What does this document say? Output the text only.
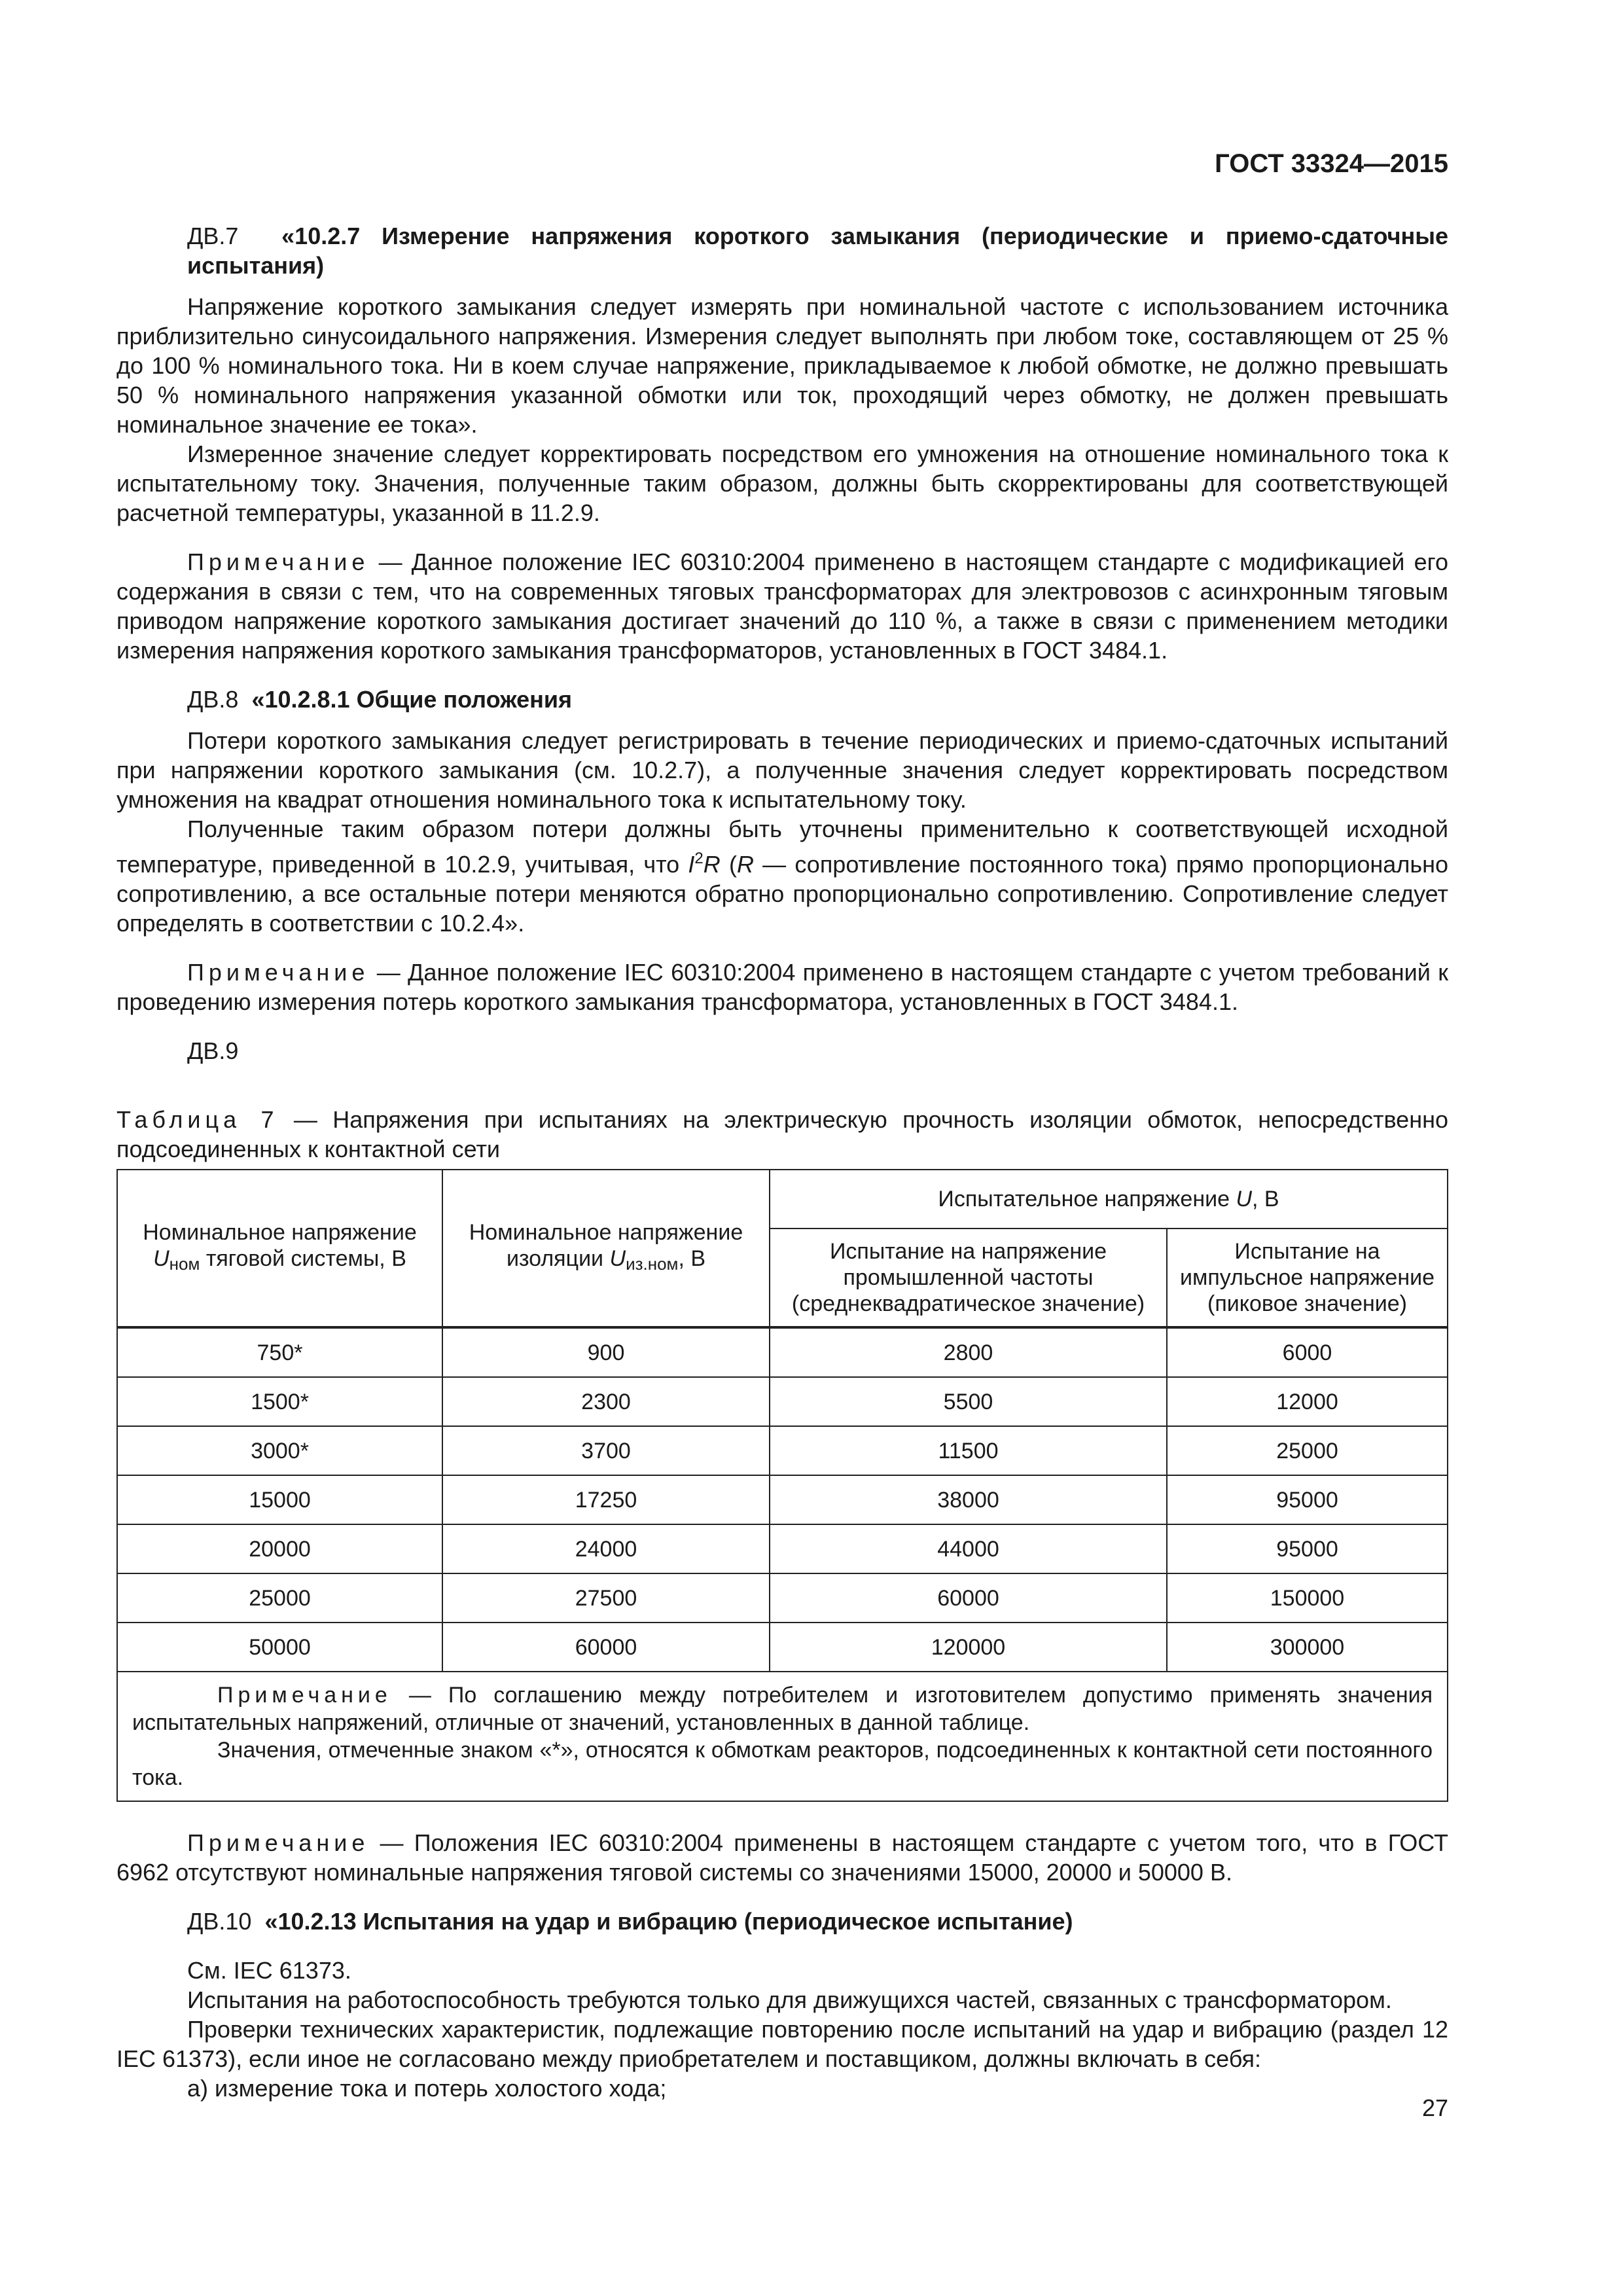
ГОСТ 33324—2015

ДВ.7 «10.2.7 Измерение напряжения короткого замыкания (периодические и приемо-сдаточные испытания)

Напряжение короткого замыкания следует измерять при номинальной частоте с использованием источника приблизительно синусоидального напряжения. Измерения следует выполнять при любом токе, составляющем от 25 % до 100 % номинального тока. Ни в коем случае напряжение, прикладываемое к любой обмотке, не должно превышать 50 % номинального напряжения указанной обмотки или ток, проходящий через обмотку, не должен превышать номинальное значение ее тока».

Измеренное значение следует корректировать посредством его умножения на отношение номинального тока к испытательному току. Значения, полученные таким образом, должны быть скорректированы для соответствующей расчетной температуры, указанной в 11.2.9.

Примечание — Данное положение IEC 60310:2004 применено в настоящем стандарте с модификацией его содержания в связи с тем, что на современных тяговых трансформаторах для электровозов с асинхронным тяговым приводом напряжение короткого замыкания достигает значений до 110 %, а также в связи с применением методики измерения напряжения короткого замыкания трансформаторов, установленных в ГОСТ 3484.1.

ДВ.8 «10.2.8.1 Общие положения

Потери короткого замыкания следует регистрировать в течение периодических и приемо-сдаточных испытаний при напряжении короткого замыкания (см. 10.2.7), а полученные значения следует корректировать посредством умножения на квадрат отношения номинального тока к испытательному току.

Полученные таким образом потери должны быть уточнены применительно к соответствующей исходной температуре, приведенной в 10.2.9, учитывая, что $I^2R$ (R — сопротивление постоянного тока) прямо пропорционально сопротивлению, а все остальные потери меняются обратно пропорционально сопротивлению. Сопротивление следует определять в соответствии с 10.2.4».

Примечание — Данное положение IEC 60310:2004 применено в настоящем стандарте с учетом требований к проведению измерения потерь короткого замыкания трансформатора, установленных в ГОСТ 3484.1.

ДВ.9

Таблица 7 — Напряжения при испытаниях на электрическую прочность изоляции обмоток, непосредственно подсоединенных к контактной сети

Номинальное напряжение $U_{ном}$ тяговой системы, В	Номинальное напряжение изоляции $U_{из.ном}$, В	Испытательное напряжение U, В	
		Испытание на напряжение промышленной частоты (среднеквадратическое значение)	Испытание на импульсное напряжение (пиковое значение)
750*	900	2800	6000
1500*	2300	5500	12000
3000*	3700	11500	25000
15000	17250	38000	95000
20000	24000	44000	95000
25000	27500	60000	150000
50000	60000	120000	300000

Примечание — По соглашению между потребителем и изготовителем допустимо применять значения испытательных напряжений, отличные от значений, установленных в данной таблице.

Значения, отмеченные знаком «*», относятся к обмоткам реакторов, подсоединенных к контактной сети постоянного тока.			

Примечание — Положения IEC 60310:2004 применены в настоящем стандарте с учетом того, что в ГОСТ 6962 отсутствуют номинальные напряжения тяговой системы со значениями 15000, 20000 и 50000 В.

ДВ.10 «10.2.13 Испытания на удар и вибрацию (периодическое испытание)

См. IEC 61373.

Испытания на работоспособность требуются только для движущихся частей, связанных с трансформатором.

Проверки технических характеристик, подлежащие повторению после испытаний на удар и вибрацию (раздел 12 IEC 61373), если иное не согласовано между приобретателем и поставщиком, должны включать в себя:

а) измерение тока и потерь холостого хода;

27
